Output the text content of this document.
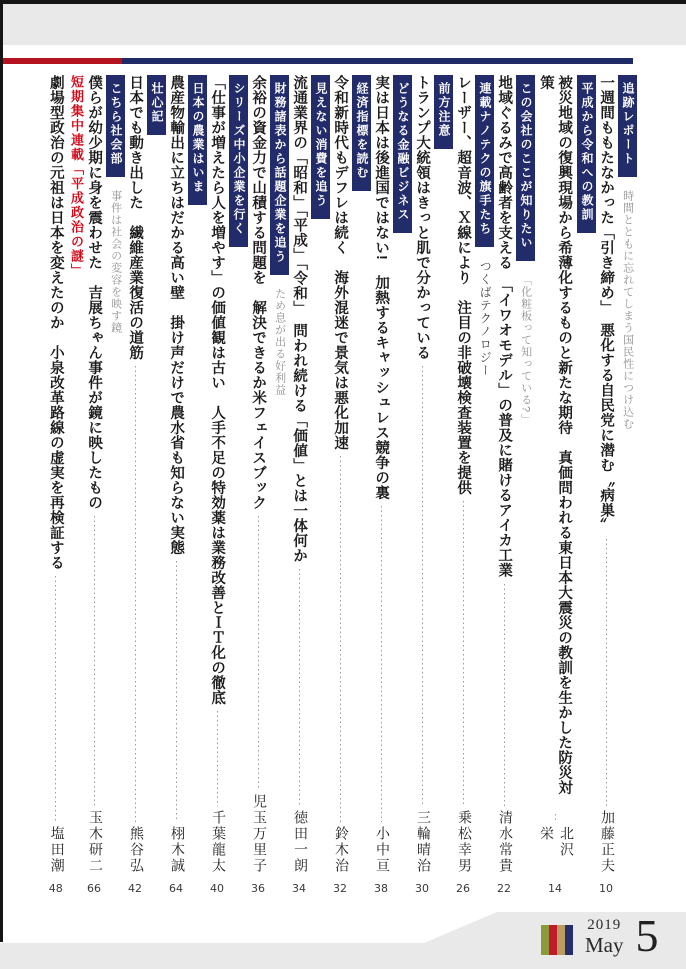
追跡レポート
時間とともに忘れてしまう国民性につけ込む
一週間ももたなかった「引き締め」　悪化する自民党に潜む〝病巣〟
加藤正夫
10
平成から令和への教訓
被災地域の復興現場から希薄化するものと新たな期待　真価問われる東日本大震災の教訓を生かした防災対策
北沢栄
14
この会社のここが知りたい
「化粧板って知っている?」
地域ぐるみで高齢者を支える　「イワオモデル」の普及に賭けるアイカ工業
清水常貴
22
連載ナノテクの旗手たち
つくばテクノロジー
レーザー、超音波、Ｘ線により　注目の非破壊検査装置を提供
乗松幸男
26
前方注意
トランプ大統領はきっと肌で分かっている
三輪晴治
30
どうなる金融ビジネス
実は日本は後進国ではない!　加熱するキャッシュレス競争の裏
小中亘
38
経済指標を読む
令和新時代もデフレは続く　海外混迷で景気は悪化加速
鈴木治
32
見えない消費を追う
流通業界の「昭和」「平成」「令和」　問われ続ける「価値」とは一体何か
徳田一朗
34
財務諸表から話題企業を追う
ため息が出る好利益
余裕の資金力で山積する問題を　解決できるか米フェイスブック
児玉万里子
36
シリーズ中小企業を行く
「仕事が増えたら人を増やす」の価値観は古い　人手不足の特効薬は業務改善とＩＴ化の徹底
千葉龍太
40
日本の農業はいま
農産物輸出に立ちはだかる高い壁　掛け声だけで農水省も知らない実態
栩木誠
64
壮心記
日本でも動き出した　繊維産業復活の道筋
熊谷弘
42
こちら社会部
事件は社会の変容を映す鏡
僕らが幼少期に身を震わせた　吉展ちゃん事件が鏡に映したもの
玉木研二
66
短期集中連載「平成政治の謎」
劇場型政治の元祖は日本を変えたのか　小泉改革路線の虚実を再検証する
塩田潮
48
2019
May 5
